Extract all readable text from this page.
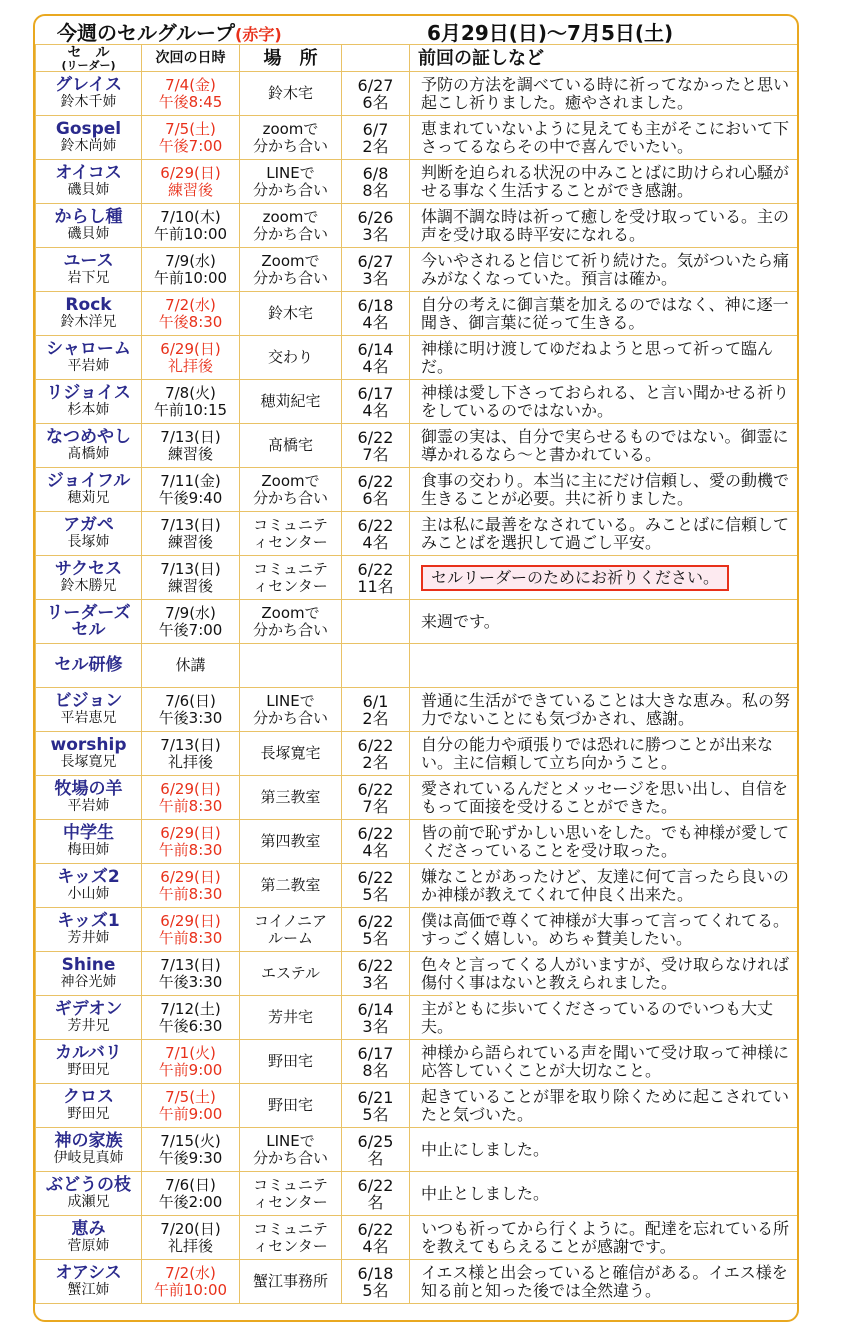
今週のセルグループ(赤字)	6月29日(日)〜7月5日(土)
セ　ル
(リーダー)	次回の日時	場　所		前回の証しなど

グレイス
鈴木千姉	7/4(金)
午後8:45	鈴木宅	6/27
6名	予防の方法を調べている時に祈ってなかったと思い起こし祈りました。癒やされました。

Gospel
鈴木尚姉	7/5(土)
午後7:00	zoomで
分かち合い	6/7
2名	恵まれていないように見えても主がそこにおいて下さってるならその中で喜んでいたい。

オイコス
磯貝姉	6/29(日)
練習後	LINEで
分かち合い	6/8
8名	判断を迫られる状況の中みことばに助けられ心騒がせる事なく生活することができ感謝。

からし種
磯貝姉	7/10(木)
午前10:00	zoomで
分かち合い	6/26
3名	体調不調な時は祈って癒しを受け取っている。主の声を受け取る時平安になれる。

ユース
岩下兄	7/9(水)
午前10:00	Zoomで
分かち合い	6/27
3名	今いやされると信じて祈り続けた。気がついたら痛みがなくなっていた。預言は確か。

Rock
鈴木洋兄	7/2(水)
午後8:30	鈴木宅	6/18
4名	自分の考えに御言葉を加えるのではなく、神に逐一聞き、御言葉に従って生きる。

シャローム
平岩姉	6/29(日)
礼拝後	交わり	6/14
4名	神様に明け渡してゆだねようと思って祈って臨んだ。

リジョイス
杉本姉	7/8(火)
午前10:15	穂苅紀宅	6/17
4名	神様は愛し下さっておられる、と言い聞かせる祈りをしているのではないか。

なつめやし
髙橋姉	7/13(日)
練習後	髙橋宅	6/22
7名	御霊の実は、自分で実らせるものではない。御霊に導かれるなら〜と書かれている。

ジョイフル
穂苅兄	7/11(金)
午後9:40	Zoomで
分かち合い	6/22
6名	食事の交わり。本当に主にだけ信頼し、愛の動機で生きることが必要。共に祈りました。

アガペ
長塚姉	7/13(日)
練習後	コミュニテ
ィセンター	6/22
4名	主は私に最善をなされている。みことばに信頼してみことばを選択して過ごし平安。

サクセス
鈴木勝兄	7/13(日)
練習後	コミュニテ
ィセンター	6/22
11名	セルリーダーのためにお祈りください。

リーダーズ
セル	7/9(水)
午後7:00	Zoomで
分かち合い		来週です。

セル研修	休講			

ビジョン
平岩恵兄	7/6(日)
午後3:30	LINEで
分かち合い	6/1
2名	普通に生活ができていることは大きな恵み。私の努力でないことにも気づかされ、感謝。

worship
長塚寛兄	7/13(日)
礼拝後	長塚寛宅	6/22
2名	自分の能力や頑張りでは恐れに勝つことが出来ない。主に信頼して立ち向かうこと。

牧場の羊
平岩姉	6/29(日)
午前8:30	第三教室	6/22
7名	愛されているんだとメッセージを思い出し、自信をもって面接を受けることができた。

中学生
梅田姉	6/29(日)
午前8:30	第四教室	6/22
4名	皆の前で恥ずかしい思いをした。でも神様が愛してくださっていることを受け取った。

キッズ2
小山姉	6/29(日)
午前8:30	第二教室	6/22
5名	嫌なことがあったけど、友達に何て言ったら良いのか神様が教えてくれて仲良く出来た。

キッズ1
芳井姉	6/29(日)
午前8:30	コイノニア
ルーム	6/22
5名	僕は高価で尊くて神様が大事って言ってくれてる。すっごく嬉しい。めちゃ賛美したい。

Shine
神谷光姉	7/13(日)
午後3:30	エステル	6/22
3名	色々と言ってくる人がいますが、受け取らなければ傷付く事はないと教えられました。

ギデオン
芳井兄	7/12(土)
午後6:30	芳井宅	6/14
3名	主がともに歩いてくださっているのでいつも大丈夫。

カルバリ
野田兄	7/1(火)
午前9:00	野田宅	6/17
8名	神様から語られている声を聞いて受け取って神様に応答していくことが大切なこと。

クロス
野田兄	7/5(土)
午前9:00	野田宅	6/21
5名	起きていることが罪を取り除くために起こされていたと気づいた。

神の家族
伊岐見真姉	7/15(火)
午後9:30	LINEで
分かち合い	6/25
名	中止にしました。

ぶどうの枝
成瀬兄	7/6(日)
午後2:00	コミュニテ
ィセンター	6/22
名	中止としました。

恵み
菅原姉	7/20(日)
礼拝後	コミュニテ
ィセンター	6/22
4名	いつも祈ってから行くように。配達を忘れている所を教えてもらえることが感謝です。

オアシス
蟹江姉	7/2(水)
午前10:00	蟹江事務所	6/18
5名	イエス様と出会っていると確信がある。イエス様を知る前と知った後では全然違う。
